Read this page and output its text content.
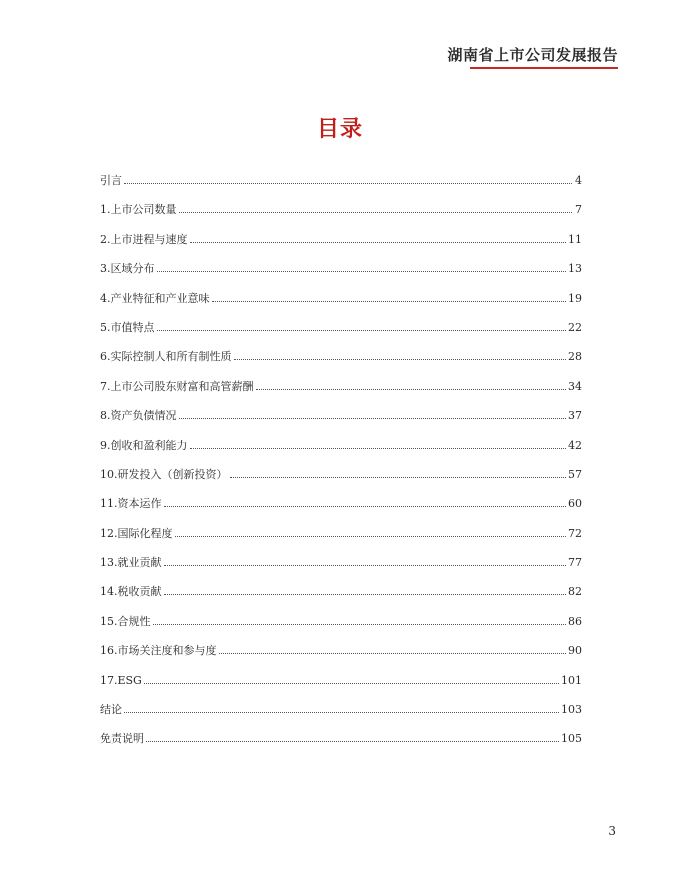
湖南省上市公司发展报告
目录
引言	4
1.上市公司数量	7
2.上市进程与速度	11
3.区域分布	13
4.产业特征和产业意味	19
5.市值特点	22
6.实际控制人和所有制性质	28
7.上市公司股东财富和高管薪酬	34
8.资产负债情况	37
9.创收和盈利能力	42
10.研发投入（创新投资）	57
11.资本运作	60
12.国际化程度	72
13.就业贡献	77
14.税收贡献	82
15.合规性	86
16.市场关注度和参与度	90
17.ESG	101
结论	103
免责说明	105
3
